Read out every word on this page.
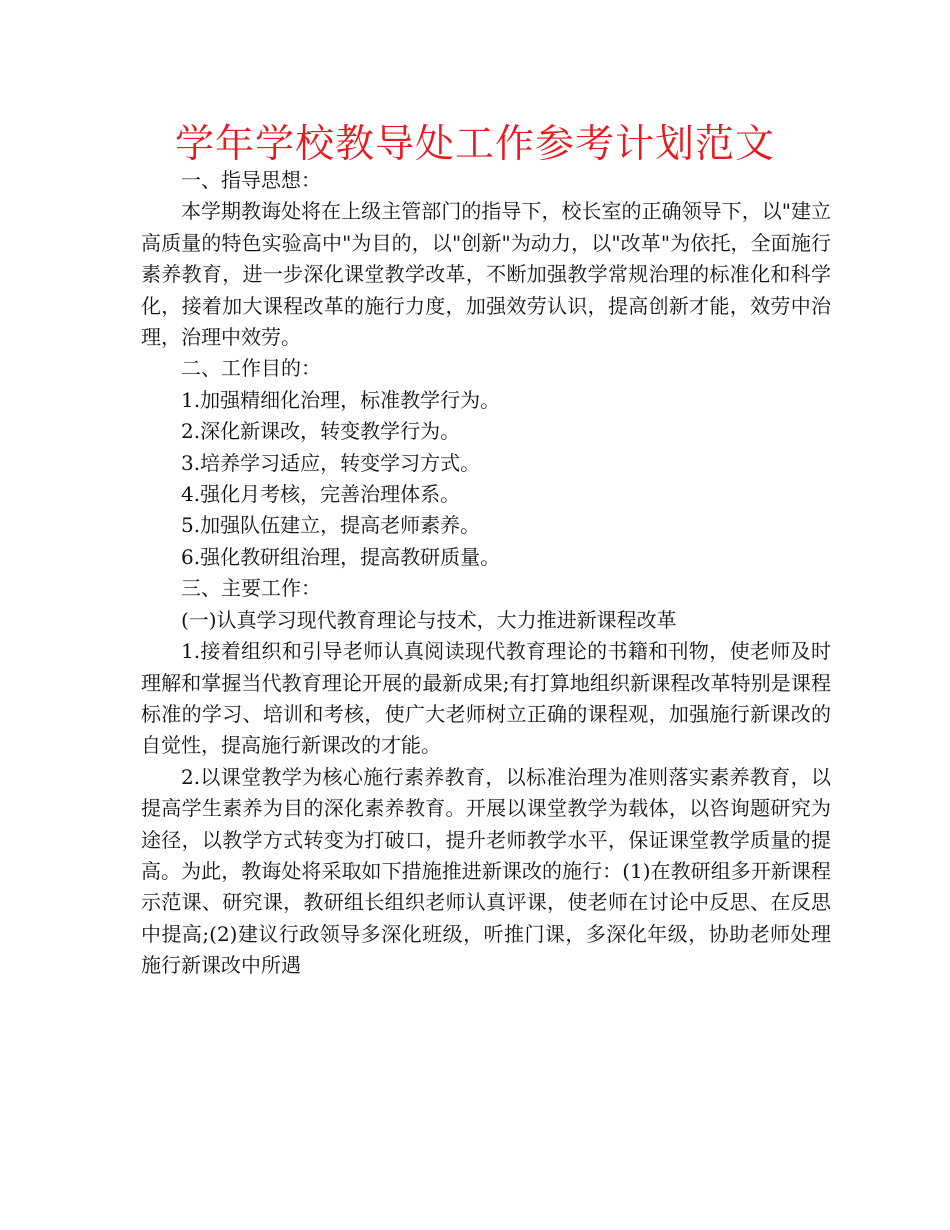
学年学校教导处工作参考计划范文

一、指导思想：

本学期教诲处将在上级主管部门的指导下，校长室的正确领导下，以"建立高质量的特色实验高中"为目的，以"创新"为动力，以"改革"为依托，全面施行素养教育，进一步深化课堂教学改革，不断加强教学常规治理的标准化和科学化，接着加大课程改革的施行力度，加强效劳认识，提高创新才能，效劳中治理，治理中效劳。

二、工作目的：

1.加强精细化治理，标准教学行为。

2.深化新课改，转变教学行为。

3.培养学习适应，转变学习方式。

4.强化月考核，完善治理体系。

5.加强队伍建立，提高老师素养。

6.强化教研组治理，提高教研质量。

三、主要工作：

(一)认真学习现代教育理论与技术，大力推进新课程改革

1.接着组织和引导老师认真阅读现代教育理论的书籍和刊物，使老师及时理解和掌握当代教育理论开展的最新成果;有打算地组织新课程改革特别是课程标准的学习、培训和考核，使广大老师树立正确的课程观，加强施行新课改的自觉性，提高施行新课改的才能。

2.以课堂教学为核心施行素养教育，以标准治理为准则落实素养教育，以提高学生素养为目的深化素养教育。开展以课堂教学为载体，以咨询题研究为途径，以教学方式转变为打破口，提升老师教学水平，保证课堂教学质量的提高。为此，教诲处将采取如下措施推进新课改的施行：(1)在教研组多开新课程示范课、研究课，教研组长组织老师认真评课，使老师在讨论中反思、在反思中提高;(2)建议行政领导多深化班级，听推门课，多深化年级，协助老师处理施行新课改中所遇
